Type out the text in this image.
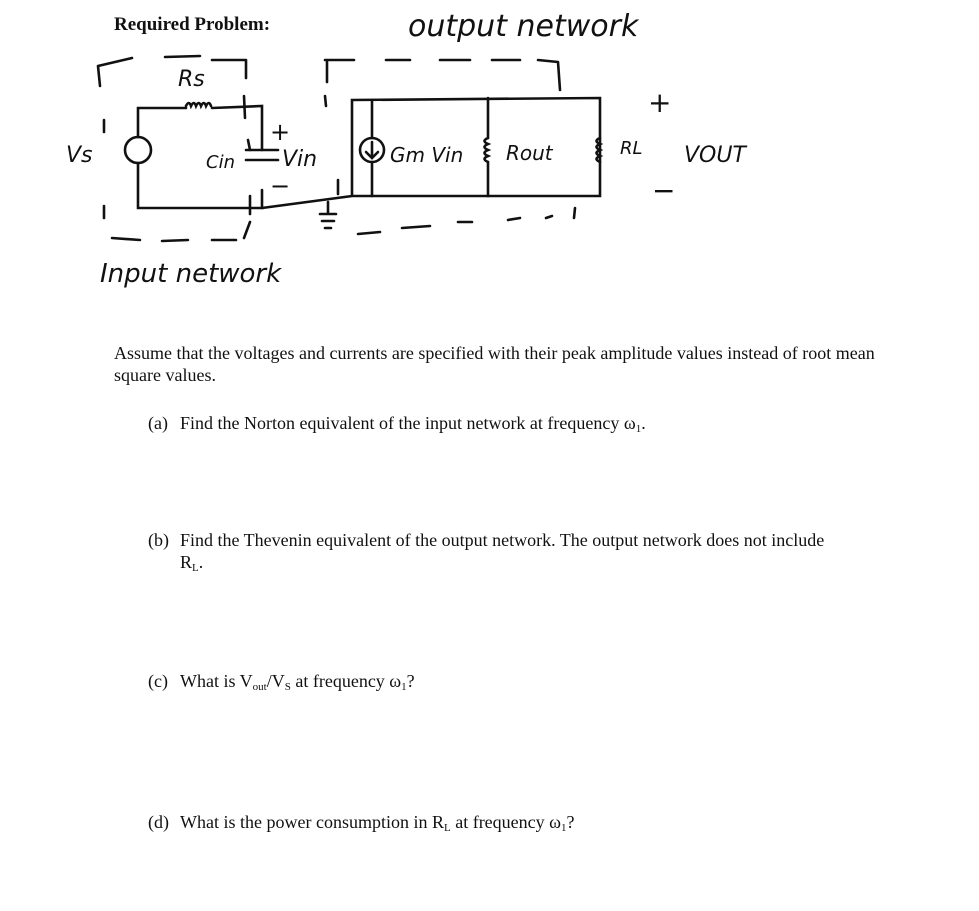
Required Problem:	output network
Input network
Rs
Vs	Cin Vin	Gm Vin Rout	RL VOUT
+
−
+
−
Assume that the voltages and currents are specified with their peak amplitude values instead of root mean square values.
(a) Find the Norton equivalent of the input network at frequency $\omega_1$.
(b) Find the Thevenin equivalent of the output network. The output network does not include
$R_L$.
(c) What is $V_{out}/V_S$ at frequency $\omega_1$?
(d) What is the power consumption in $R_L$ at frequency $\omega_1$?
